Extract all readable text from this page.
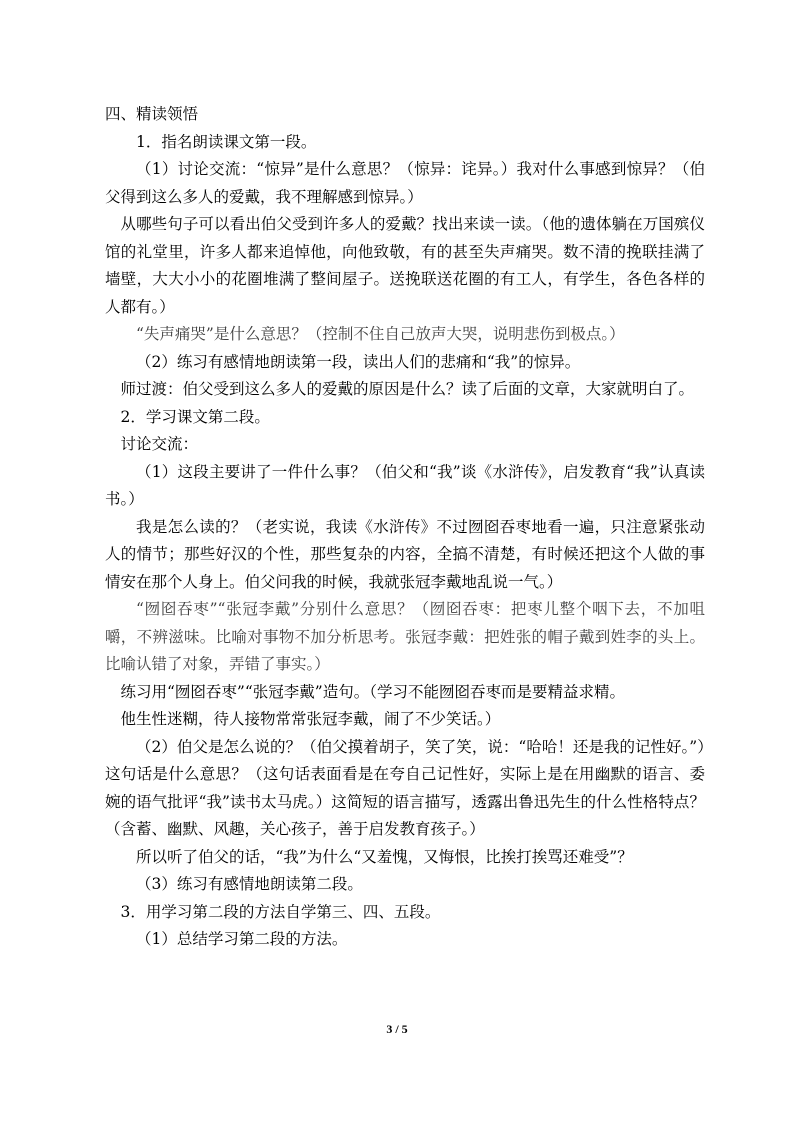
四、精读领悟

1．指名朗读课文第一段。

（1）讨论交流：“惊异”是什么意思？（惊异：诧异。）我对什么事感到惊异？（伯父得到这么多人的爱戴，我不理解感到惊异。）

从哪些句子可以看出伯父受到许多人的爱戴？找出来读一读。（他的遗体躺在万国殡仪馆的礼堂里，许多人都来追悼他，向他致敬，有的甚至失声痛哭。数不清的挽联挂满了墙壁，大大小小的花圈堆满了整间屋子。送挽联送花圈的有工人，有学生，各色各样的人都有。）

“失声痛哭”是什么意思？（控制不住自己放声大哭，说明悲伤到极点。）

（2）练习有感情地朗读第一段，读出人们的悲痛和“我”的惊异。

师过渡：伯父受到这么多人的爱戴的原因是什么？读了后面的文章，大家就明白了。

2．学习课文第二段。

讨论交流：

（1）这段主要讲了一件什么事？（伯父和“我”谈《水浒传》，启发教育“我”认真读书。）

我是怎么读的？（老实说，我读《水浒传》不过囫囵吞枣地看一遍，只注意紧张动人的情节；那些好汉的个性，那些复杂的内容，全搞不清楚，有时候还把这个人做的事情安在那个人身上。伯父问我的时候，我就张冠李戴地乱说一气。）

“囫囵吞枣”“张冠李戴”分别什么意思？（囫囵吞枣：把枣儿整个咽下去，不加咀嚼，不辨滋味。比喻对事物不加分析思考。张冠李戴：把姓张的帽子戴到姓李的头上。比喻认错了对象，弄错了事实。）

练习用“囫囵吞枣”“张冠李戴”造句。（学习不能囫囵吞枣而是要精益求精。

他生性迷糊，待人接物常常张冠李戴，闹了不少笑话。）

（2）伯父是怎么说的？（伯父摸着胡子，笑了笑，说：“哈哈！还是我的记性好。”）这句话是什么意思？（这句话表面看是在夸自己记性好，实际上是在用幽默的语言、委婉的语气批评“我”读书太马虎。）这简短的语言描写，透露出鲁迅先生的什么性格特点？（含蓄、幽默、风趣，关心孩子，善于启发教育孩子。）

所以听了伯父的话，“我”为什么“又羞愧，又悔恨，比挨打挨骂还难受”？

（3）练习有感情地朗读第二段。

3．用学习第二段的方法自学第三、四、五段。

（1）总结学习第二段的方法。

3 / 5
